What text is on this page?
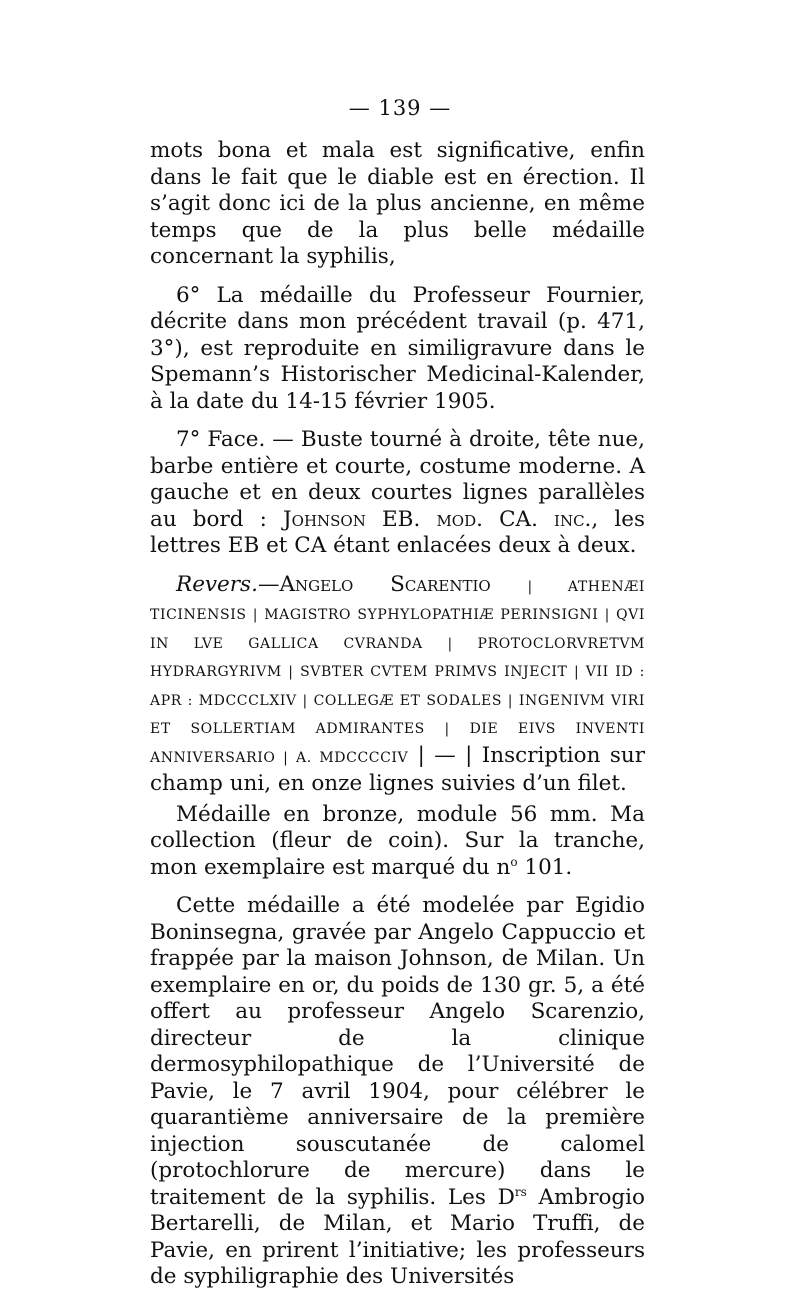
— 139 —

mots bona et mala est significative, enfin dans le fait que le diable est en érection. Il s’agit donc ici de la plus ancienne, en même temps que de la plus belle médaille concernant la syphilis,

6° La médaille du Professeur Fournier, décrite dans mon précédent travail (p. 471, 3°), est reproduite en similigravure dans le Spemann’s Historischer Medicinal-Kalender, à la date du 14-15 février 1905.

7° Face. — Buste tourné à droite, tête nue, barbe entière et courte, costume moderne. A gauche et en deux courtes lignes parallèles au bord : Johnson EB. mod. CA. inc., les lettres EB et CA étant enlacées deux à deux.

Revers.—Angelo Scarentio	| ATHENÆI TICINENSIS | MAGISTRO SYPHYLOPATHIÆ PERINSIGNI | QVI IN LVE GALLICA CVRANDA | PROTOCLORVRETVM HYDRARGYRIVM | SVBTER CVTEM PRIMVS INJECIT | VII ID : APR : MDCCCLXIV | COLLEGÆ ET SODALES | INGENIVM VIRI ET SOLLERTIAM ADMIRANTES | DIE EIVS INVENTI ANNIVERSARIO | A. MDCCCCIV | — | Inscription sur champ uni, en onze lignes suivies d’un filet.

Médaille en bronze, module 56 mm. Ma collection (fleur de coin). Sur la tranche, mon exemplaire est marqué du $n^o$ 101.

Cette médaille a été modelée par Egidio Boninsegna, gravée par Angelo Cappuccio et frappée par la maison Johnson, de Milan. Un exemplaire en or, du poids de 130 gr. 5, a été offert au professeur Angelo Scarenzio, directeur de la clinique dermosyphilopathique de l’Université de Pavie, le 7 avril 1904, pour célébrer le quarantième anniversaire de la première injection souscutanée de calomel (protochlorure de mercure) dans le traitement de la syphilis. Les $D^{rs}$ Ambrogio Bertarelli, de Milan, et Mario Truffi, de Pavie, en prirent l’initiative; les professeurs de syphiligraphie des Universités
